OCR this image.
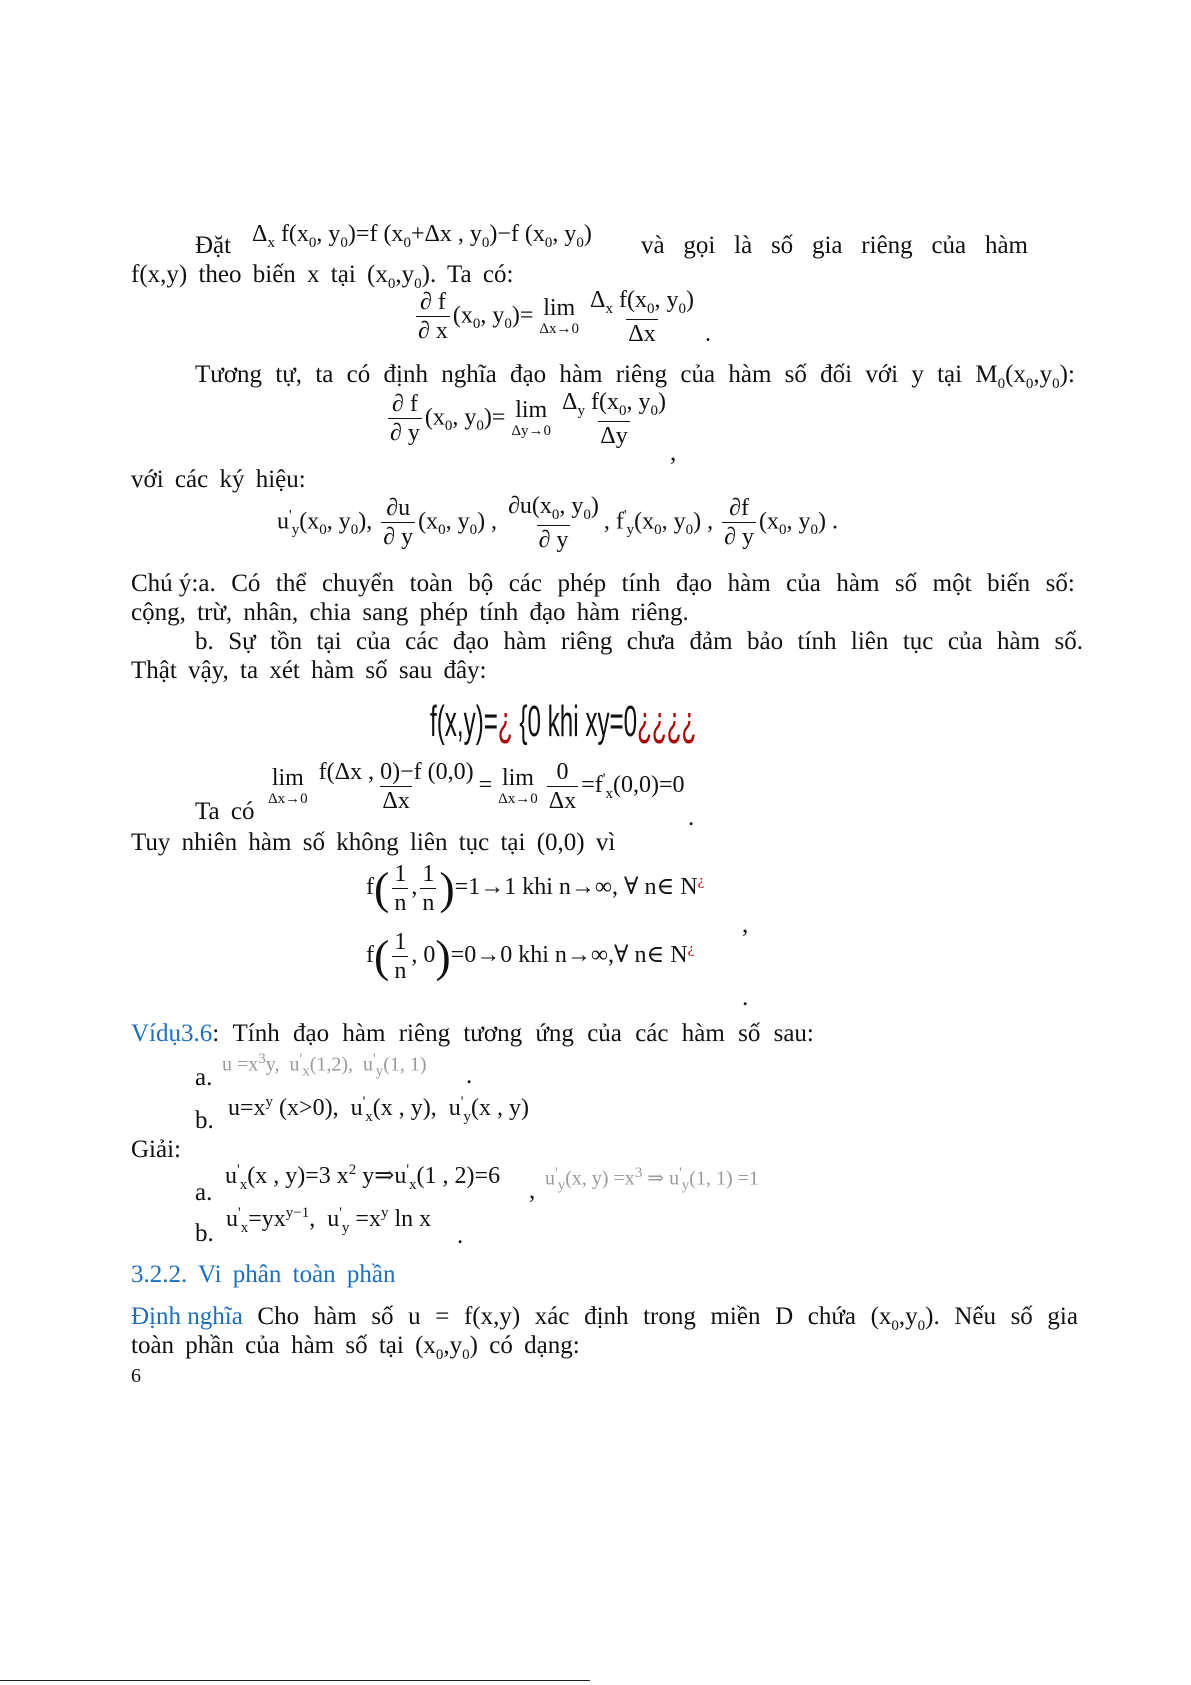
Đặt $\Delta_x$ $f(x_0$, $y_0)=f$ ($x_0+\Delta x$ , $y_0)-f$ ($x_0$, $y_0$) và gọi là số gia riêng của hàm
f(x,y) theo biến x tại $(x_0,y_0)$. Ta có:
$\frac{\partial f}{\partial x} (x_0$, $y_0)= \lim$
Δx→0
$\frac{\Delta_x f(x_0, y_0)}{\Delta x}$ .
Tương tự, ta có định nghĩa đạo hàm riêng của hàm số đối với y tại $M_0(x_0,y_0)$:
$\frac{\partial f}{\partial y} (x_0$, $y_0)= \lim$
Δy→0
$\frac{\Delta_y f(x_0, y_0)}{\Delta y}$
,
với các ký hiệu:
$u'_y(x_0$, $y_0$), $\frac{\partial u}{\partial y} (x_0$, $y_0$) , $\frac{\partial u(x_0, y_0)}{\partial y}$ , $f'_y(x_0$, $y_0$) , $\frac{\partial f}{\partial y} (x_0$, $y_0$) .
Chú ý:a. Có thể chuyển toàn bộ các phép tính đạo hàm của hàm số một biến số:
cộng, trừ, nhân, chia sang phép tính đạo hàm riêng.
b. Sự tồn tại của các đạo hàm riêng chưa đảm bảo tính liên tục của hàm số.
Thật vậy, ta xét hàm số sau đây:
f(x,y)=¿ {0 khi xy=0¿¿¿¿
Ta có
lim
Δx→0
$\frac{f(\Delta x , 0)-f (0,0)}{\Delta x} = \lim$
Δx→0
$\frac{0}{\Delta x} =f'_x(0,0)=0$
.
Tuy nhiên hàm số không liên tục tại (0,0) vì
$f( \frac{1}{n}$ , $\frac{1}{n} )=1\to 1$ khi n→∞, ∀ n∈ N¿
,
$f( \frac{1}{n}$ , 0)=0→0 khi n→∞,∀ n∈ N¿
.
Vídụ3.6: Tính đạo hàm riêng tương ứng của các hàm số sau:
a. $u =x^3y$,  $u'_x(1,2)$,  $u'_y(1$, 1) .
b. $u=x^y$ (x>0),  $u'_x(x$ , y),  $u'_y(x$ , y)
Giải:
a.
$u'_x(x$ , y)=3 $x^2$ $y\Rightarrow u'_x(1$ , 2)=6
, $u'_y(x$, $y) =x^3$ ⇒ $u'_y(1$, 1) =1
b.
$u'_x=yx^{y-1}$,  $u'_y =x^y$ ln x
.
3.2.2. Vi phân toàn phần
Định nghĩa Cho hàm số u = f(x,y) xác định trong miền D chứa $(x_0,y_0)$. Nếu số gia
toàn phần của hàm số tại $(x_0,y_0)$ có dạng:
6
